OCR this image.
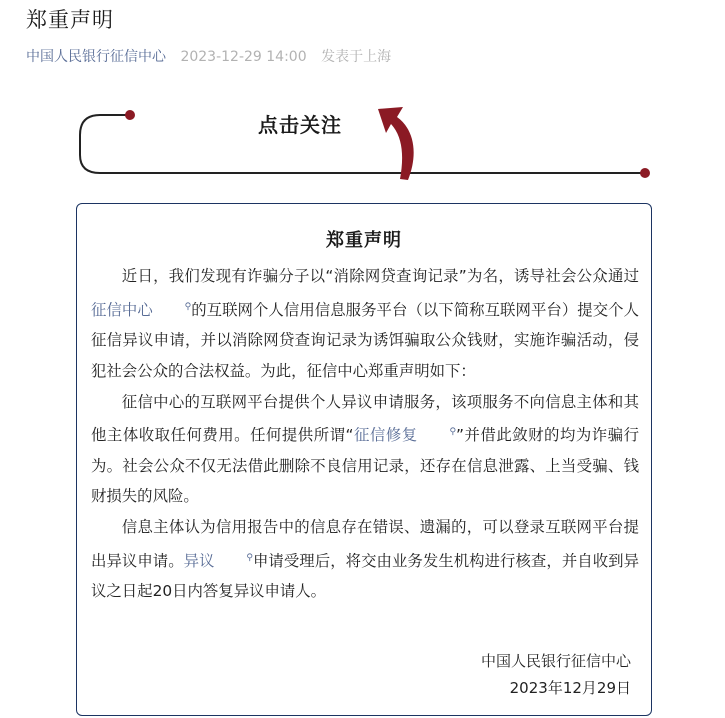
郑重声明
中国人民银行征信中心 2023-12-29 14:00 发表于上海
点击关注
郑重声明

近日，我们发现有诈骗分子以“消除网贷查询记录”为名，诱导社会公众通过征信中心	⚲的互联网个人信用信息服务平台（以下简称互联网平台）提交个人征信异议申请，并以消除网贷查询记录为诱饵骗取公众钱财，实施诈骗活动，侵犯社会公众的合法权益。为此，征信中心郑重声明如下：

征信中心的互联网平台提供个人异议申请服务，该项服务不向信息主体和其他主体收取任何费用。任何提供所谓“征信修复	⚲”并借此敛财的均为诈骗行为。社会公众不仅无法借此删除不良信用记录，还存在信息泄露、上当受骗、钱财损失的风险。

信息主体认为信用报告中的信息存在错误、遗漏的，可以登录互联网平台提出异议申请。异议	⚲申请受理后，将交由业务发生机构进行核查，并自收到异议之日起20日内答复异议申请人。

中国人民银行征信中心
2023年12月29日
